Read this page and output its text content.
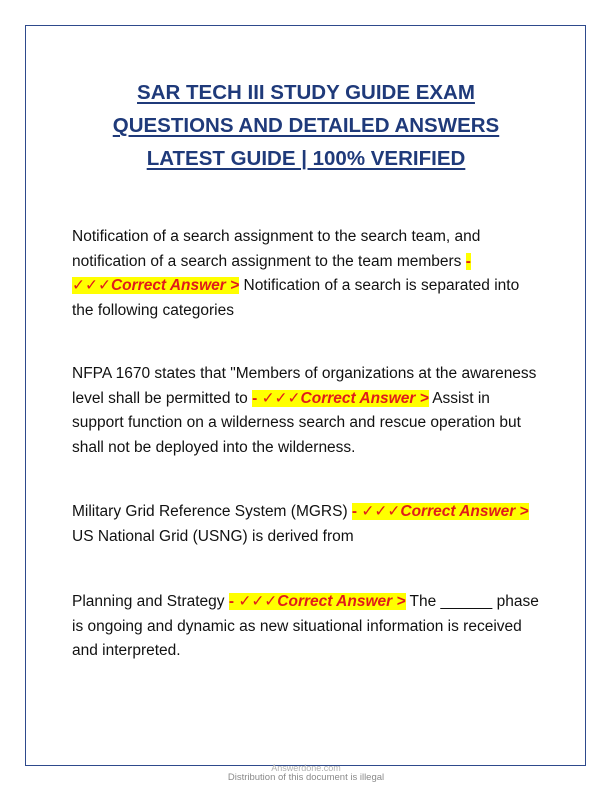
SAR TECH III STUDY GUIDE EXAM
QUESTIONS AND DETAILED ANSWERS
LATEST GUIDE | 100% VERIFIED
Notification of a search assignment to the search team, and notification of a search assignment to the team members - ✓✓✓Correct Answer > Notification of a search is separated into the following categories
NFPA 1670 states that "Members of organizations at the awareness level shall be permitted to - ✓✓✓Correct Answer > Assist in support function on a wilderness search and rescue operation but shall not be deployed into the wilderness.
Military Grid Reference System (MGRS) - ✓✓✓Correct Answer > US National Grid (USNG) is derived from
Planning and Strategy - ✓✓✓Correct Answer > The ______ phase is ongoing and dynamic as new situational information is received and interpreted.
Answerdone.com
Distribution of this document is illegal
